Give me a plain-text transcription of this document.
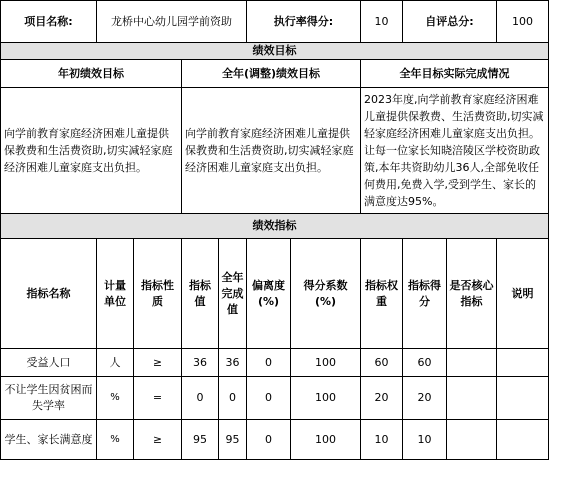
项目名称:	龙桥中心幼儿园学前资助				执行率得分:		10	自评总分:		100
绩效目标										
年初绩效目标			全年(调整)绩效目标				全年目标实际完成情况			
向学前教育家庭经济困难儿童提供保教费和生活费资助,切实减轻家庭经济困难儿童家庭支出负担。			向学前教育家庭经济困难儿童提供保教费和生活费资助,切实减轻家庭经济困难儿童家庭支出负担。				2023年度,向学前教育家庭经济困难儿童提供保教费、生活费资助,切实减轻家庭经济困难儿童家庭支出负担。让每一位家长知晓涪陵区学校资助政策,本年共资助幼儿36人,全部免收任何费用,免费入学,受到学生、家长的满意度达95%。			
绩效指标										
指标名称	计量单位	指标性质	指标值	全年完成值	偏离度(%)	得分系数(%)	指标权重	指标得分	是否核心指标	说明
受益人口	人	≥	36	36	0	100	60	60		
不让学生因贫困而失学率	%	=	0	0	0	100	20	20		
学生、家长满意度	%	≥	95	95	0	100	10	10		
